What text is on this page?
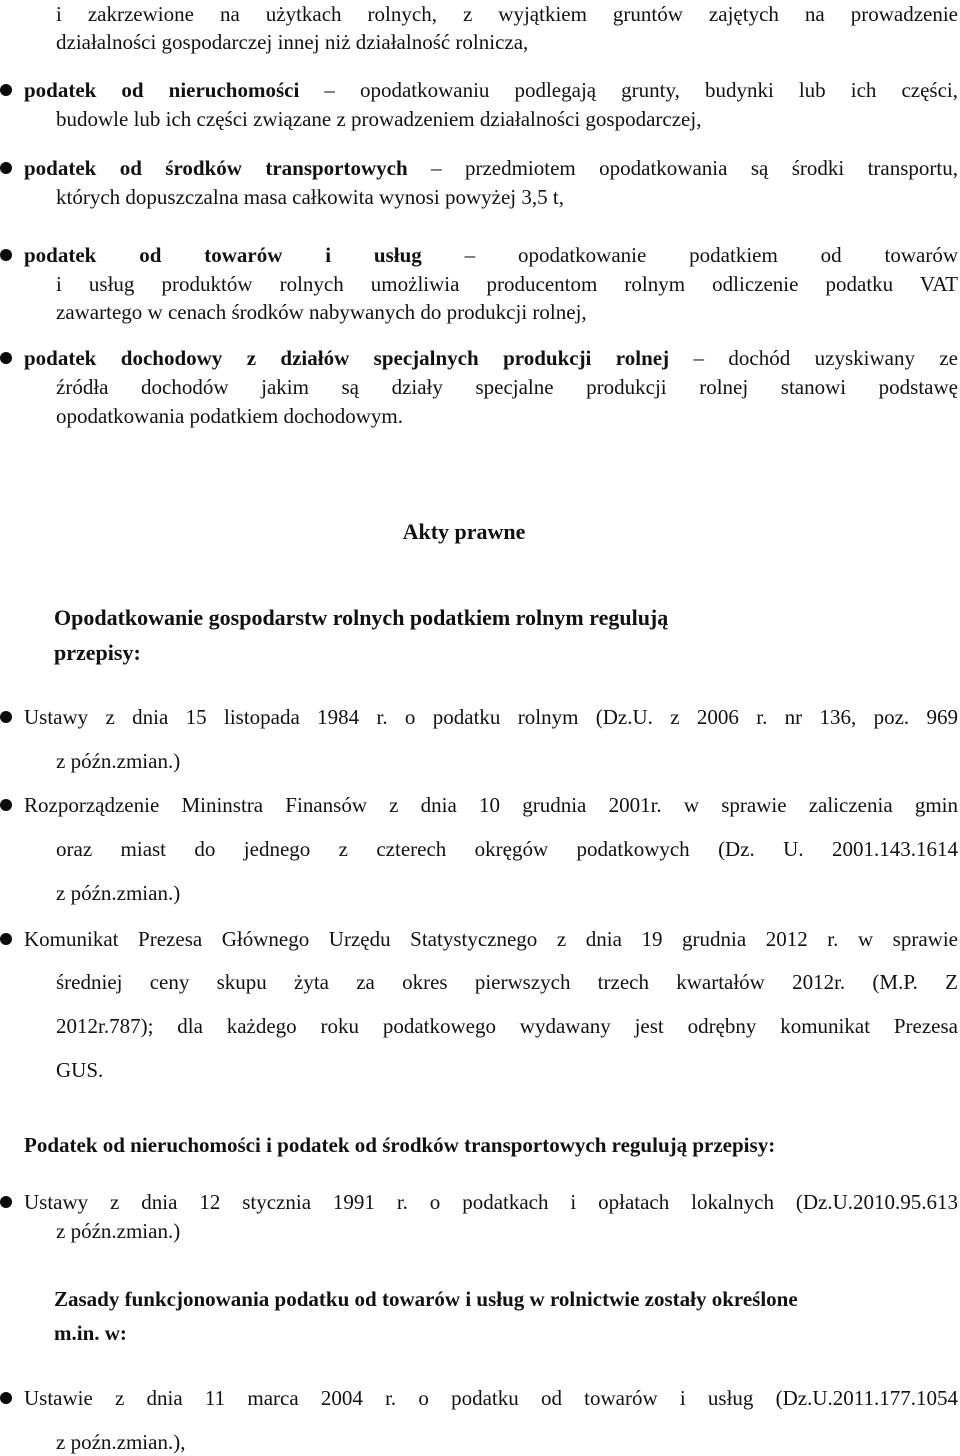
i zakrzewione na użytkach rolnych, z wyjątkiem gruntów zajętych na prowadzenie
działalności gospodarczej innej niż działalność rolnicza,
podatek od nieruchomości – opodatkowaniu podlegają grunty, budynki lub ich części,
budowle lub ich części związane z prowadzeniem działalności gospodarczej,
podatek od środków transportowych – przedmiotem opodatkowania są środki transportu,
których dopuszczalna masa całkowita wynosi powyżej 3,5 t,
podatek od towarów i usług – opodatkowanie podatkiem od towarów
i usług produktów rolnych umożliwia producentom rolnym odliczenie podatku VAT
zawartego w cenach środków nabywanych do produkcji rolnej,
podatek dochodowy z działów specjalnych produkcji rolnej – dochód uzyskiwany ze
źródła dochodów jakim są działy specjalne produkcji rolnej stanowi podstawę
opodatkowania podatkiem dochodowym.
Akty prawne
Opodatkowanie gospodarstw rolnych podatkiem rolnym regulują
przepisy:
Ustawy z dnia 15 listopada 1984 r. o podatku rolnym (Dz.U. z 2006 r. nr 136, poz. 969
z późn.zmian.)
Rozporządzenie Mininstra Finansów z dnia 10 grudnia 2001r. w sprawie zaliczenia gmin
oraz miast do jednego z czterech okręgów podatkowych (Dz. U. 2001.143.1614
z późn.zmian.)
Komunikat Prezesa Głównego Urzędu Statystycznego z dnia 19 grudnia 2012 r. w sprawie
średniej ceny skupu żyta za okres pierwszych trzech kwartałów 2012r. (M.P. Z
2012r.787); dla każdego roku podatkowego wydawany jest odrębny komunikat Prezesa
GUS.
Podatek od nieruchomości i podatek od środków transportowych regulują przepisy:
Ustawy z dnia 12 stycznia 1991 r. o podatkach i opłatach lokalnych (Dz.U.2010.95.613
z późn.zmian.)
Zasady funkcjonowania podatku od towarów i usług w rolnictwie zostały określone
m.in. w:
Ustawie z dnia 11 marca 2004 r. o podatku od towarów i usług (Dz.U.2011.177.1054
z poźn.zmian.),
